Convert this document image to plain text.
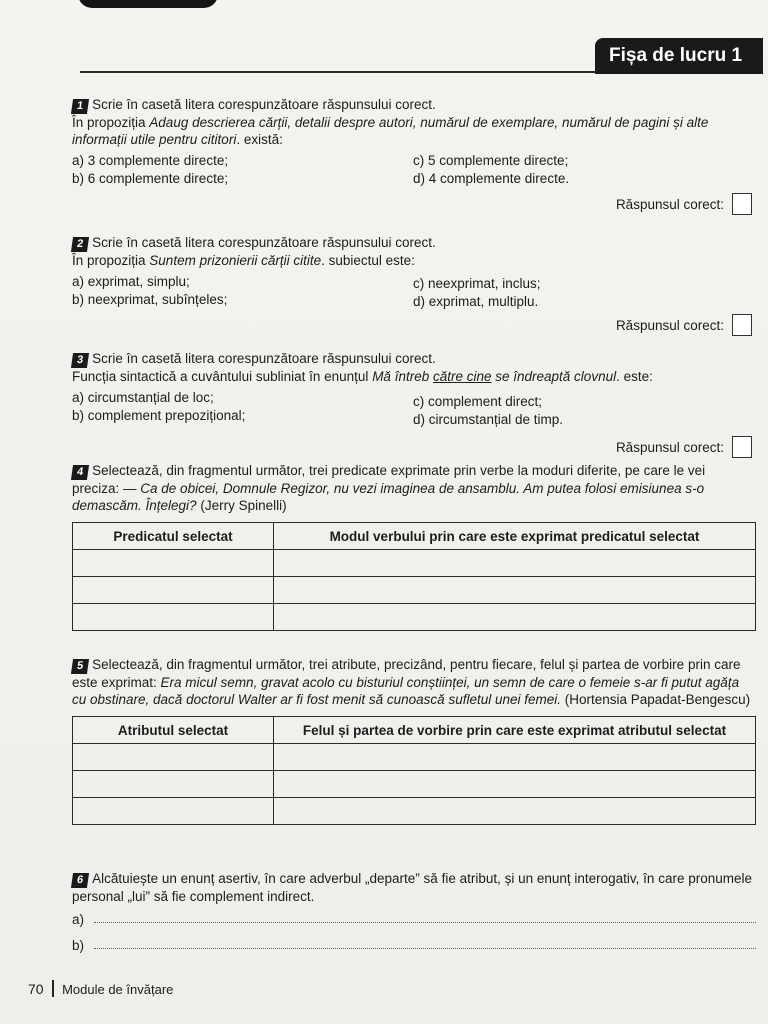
Fișa de lucru 1
1 Scrie în casetă litera corespunzătoare răspunsului corect.
În propoziția Adaug descrierea cărții, detalii despre autori, numărul de exemplare, numărul de pagini și alte informații utile pentru cititori. există:
a) 3 complemente directe;
b) 6 complemente directe;
c) 5 complemente directe;
d) 4 complemente directe.
Răspunsul corect:
2 Scrie în casetă litera corespunzătoare răspunsului corect.
În propoziția Suntem prizonierii cărții citite. subiectul este:
a) exprimat, simplu;
b) neexprimat, subînțeles;
c) neexprimat, inclus;
d) exprimat, multiplu.
Răspunsul corect:
3 Scrie în casetă litera corespunzătoare răspunsului corect.
Funcția sintactică a cuvântului subliniat în enunțul Mă întreb către cine se îndreaptă clovnul. este:
a) circumstanțial de loc;
b) complement prepozițional;
c) complement direct;
d) circumstanțial de timp.
Răspunsul corect:
4 Selectează, din fragmentul următor, trei predicate exprimate prin verbe la moduri diferite, pe care le vei preciza: — Ca de obicei, Domnule Regizor, nu vezi imaginea de ansamblu. Am putea folosi emisiunea s-o demascăm. Înțelegi? (Jerry Spinelli)
Predicatul selectat	Modul verbului prin care este exprimat predicatul selectat

5 Selectează, din fragmentul următor, trei atribute, precizând, pentru fiecare, felul și partea de vorbire prin care este exprimat: Era micul semn, gravat acolo cu bisturiul conștiinței, un semn de care o femeie s-ar fi putut agăța cu obstinare, dacă doctorul Walter ar fi fost menit să cunoască sufletul unei femei. (Hortensia Papadat-Bengescu)
Atributul selectat	Felul și partea de vorbire prin care este exprimat atributul selectat

6 Alcătuiește un enunț asertiv, în care adverbul „departe” să fie atribut, și un enunț interogativ, în care pronumele personal „lui” să fie complement indirect.
a)
b)
70 Module de învățare
